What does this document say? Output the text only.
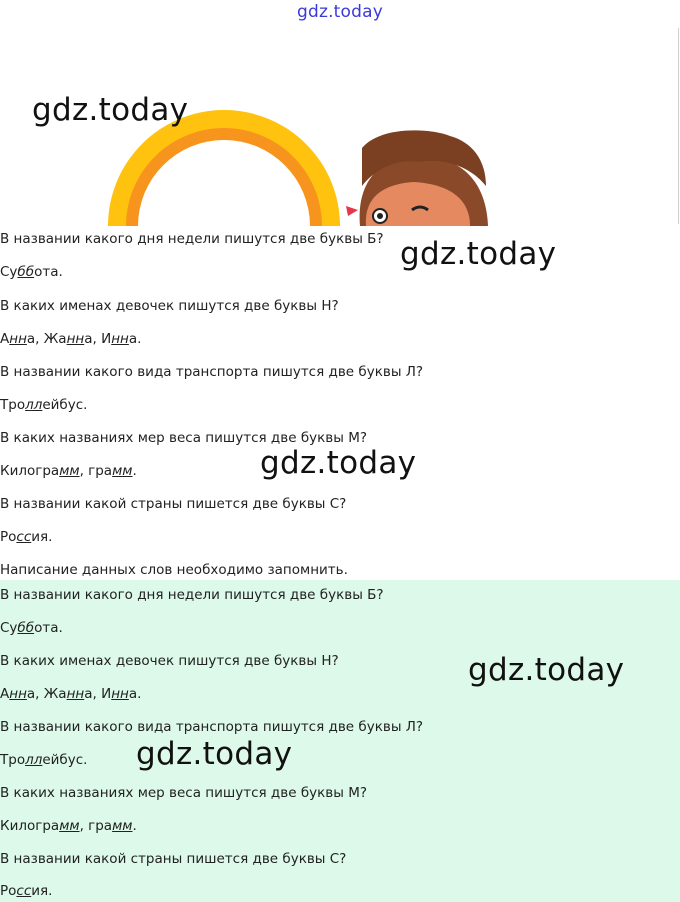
gdz.today
В названии какого дня недели пишутся две буквы Б?
Суббота.
В каких именах девочек пишутся две буквы Н?
Анна, Жанна, Инна.
В названии какого вида транспорта пишутся две буквы Л?
Троллейбус.
В каких названиях мер веса пишутся две буквы М?
Килограмм, грамм.
В названии какой страны пишется две буквы С?
Россия.
Написание данных слов необходимо запомнить.
В названии какого дня недели пишутся две буквы Б?
Суббота.
В каких именах девочек пишутся две буквы Н?
Анна, Жанна, Инна.
В названии какого вида транспорта пишутся две буквы Л?
Троллейбус.
В каких названиях мер веса пишутся две буквы М?
Килограмм, грамм.
В названии какой страны пишется две буквы С?
Россия.
gdz.today
gdz.today
gdz.today
gdz.today
gdz.today
